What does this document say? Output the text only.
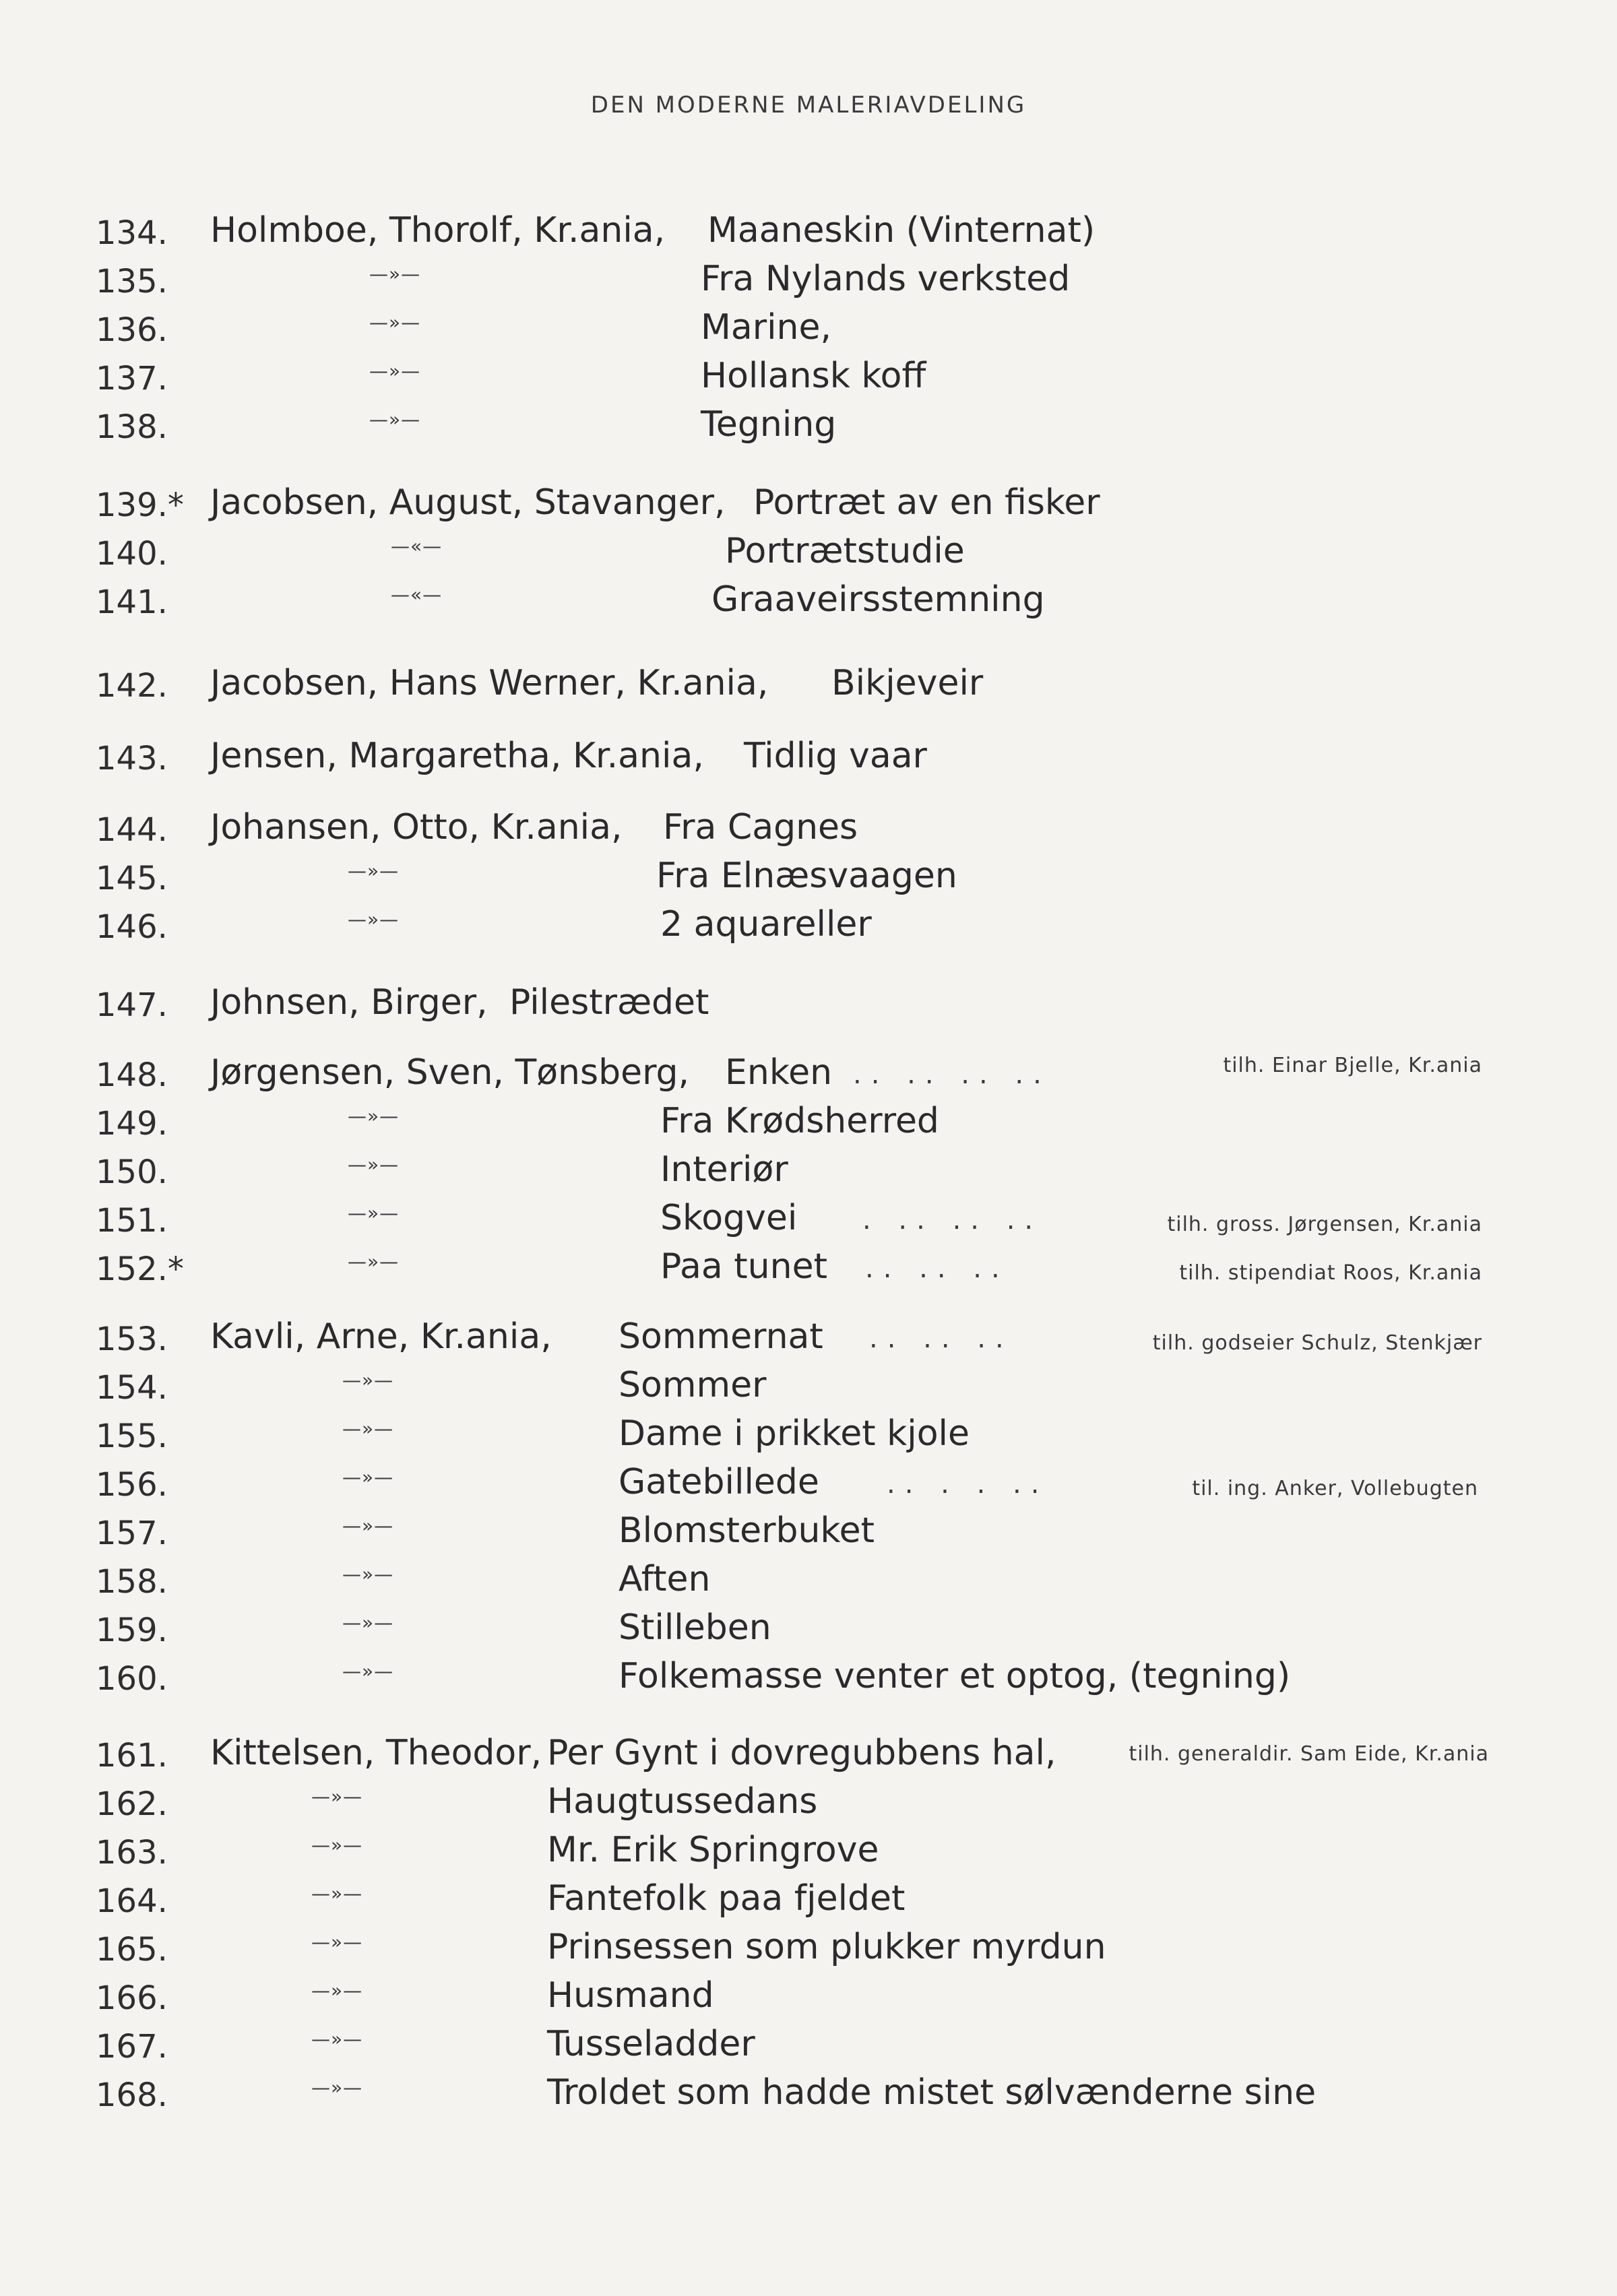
DEN MODERNE MALERIAVDELING
134.	Holmboe, Thorolf, Kr.ania, Maaneskin (Vinternat)
135.	—»—	Fra Nylands verksted
136.	—»—	Marine,
137.	—»—	Hollansk koff
138.	—»—	Tegning
139.* Jacobsen, August, Stavanger, Portræt av en fisker
140.	—«—	Portrætstudie
141.	—«—	Graaveirsstemning
142.	Jacobsen, Hans Werner, Kr.ania, Bikjeveir
143.	Jensen, Margaretha, Kr.ania, Tidlig vaar
144.	Johansen, Otto, Kr.ania, Fra Cagnes
145.	—»—	Fra Elnæsvaagen
146.	—»—	2 aquareller
147.	Johnsen, Birger, Pilestrædet
148.	Jørgensen, Sven, Tønsberg, Enken .. .. .. ..	tilh. Einar Bjelle, Kr.ania
149.	—»—	Fra Krødsherred
150.	—»—	Interiør
151.	—»—	Skogvei . .. .. ..	tilh. gross. Jørgensen, Kr.ania
152.*	—»—	Paa tunet .. .. ..	tilh. stipendiat Roos, Kr.ania
153.	Kavli, Arne, Kr.ania, Sommernat .. .. ..	tilh. godseier Schulz, Stenkjær
154.	—»—	Sommer
155.	—»—	Dame i prikket kjole
156.	—»—	Gatebillede	.. . . ..	til. ing. Anker, Vollebugten
157.	—»—	Blomsterbuket
158.	—»—	Aften
159.	—»—	Stilleben
160.	—»—	Folkemasse venter et optog, (tegning)
161.	Kittelsen, Theodor, Per Gynt i dovregubbens hal,	tilh. generaldir. Sam Eide, Kr.ania
162.	—»—	Haugtussedans
163.	—»—	Mr. Erik Springrove
164.	—»—	Fantefolk paa fjeldet
165.	—»—	Prinsessen som plukker myrdun
166.	—»—	Husmand
167.	—»—	Tusseladder
168.	—»—	Troldet som hadde mistet sølvænderne sine
